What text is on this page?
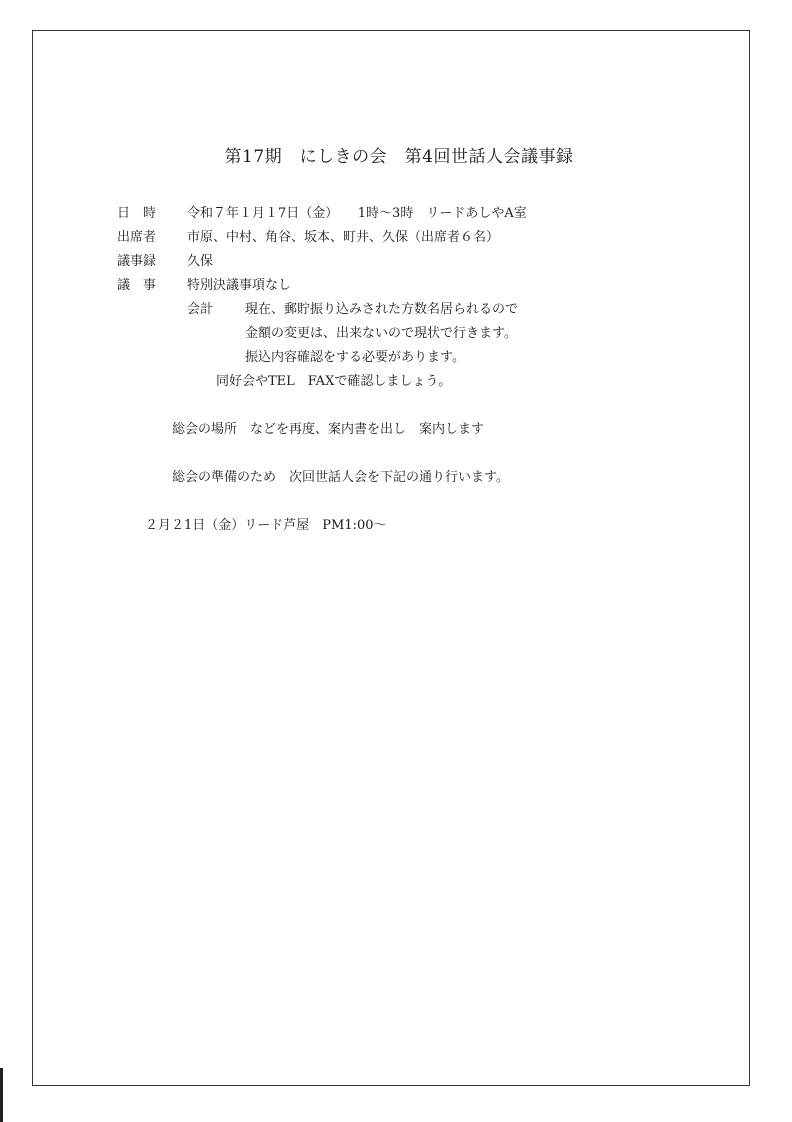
第17期　にしきの会　第4回世話人会議事録
日　時 令和７年１月１7日（金）　　1時～3時　リードあしやA室
出席者 市原、中村、角谷、坂本、町井、久保（出席者６名）
議事録 久保
議　事 特別決議事項なし
会計 現在、郵貯振り込みされた方数名居られるので
金額の変更は、出来ないので現状で行きます。
振込内容確認をする必要があります。
同好会やTEL　FAXで確認しましょう。
総会の場所　などを再度、案内書を出し　案内します
総会の準備のため　次回世話人会を下記の通り行います。
２月２1日（金）リード芦屋　PM1:00～
